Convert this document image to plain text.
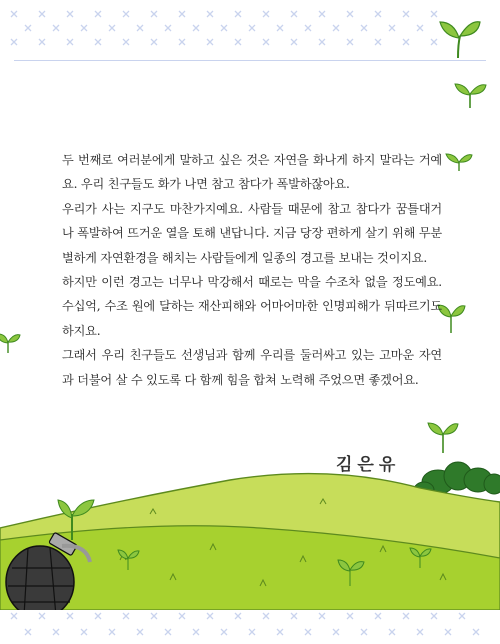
두 번째로 여러분에게 말하고 싶은 것은 자연을 화나게 하지 말라는 거예요. 우리 친구들도 화가 나면 참고 참다가 폭발하잖아요.

우리가 사는 지구도 마찬가지예요. 사람들 때문에 참고 참다가 꿈틀대거나 폭발하여 뜨거운 열을 토해 낸답니다. 지금 당장 편하게 살기 위해 무분별하게 자연환경을 해치는 사람들에게 일종의 경고를 보내는 것이지요.

하지만 이런 경고는 너무나 막강해서 때로는 막을 수조차 없을 정도예요. 수십억, 수조 원에 달하는 재산피해와 어마어마한 인명피해가 뒤따르기도 하지요.

그래서 우리 친구들도 선생님과 함께 우리를 둘러싸고 있는 고마운 자연과 더불어 살 수 있도록 다 함께 힘을 합쳐 노력해 주었으면 좋겠어요.

김은유
